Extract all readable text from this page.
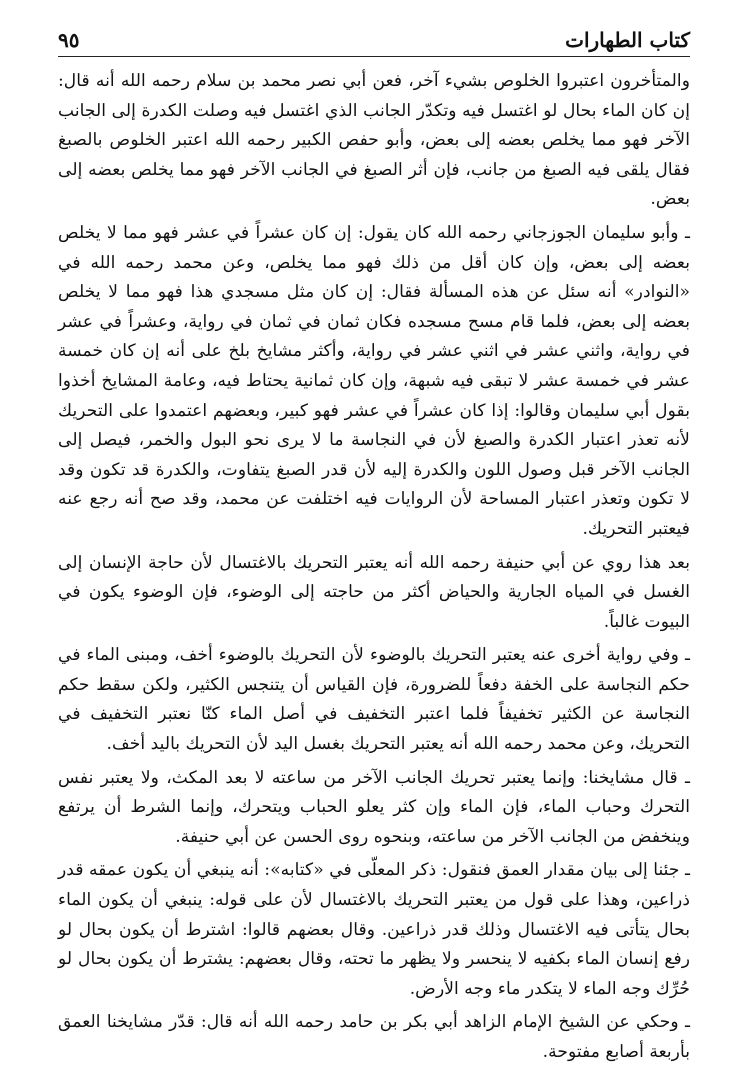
كتاب الطهارات
٩٥

والمتأخرون اعتبروا الخلوص بشيء آخر، فعن أبي نصر محمد بن سلام رحمه الله أنه قال: إن كان الماء بحال لو اغتسل فيه وتكدّر الجانب الذي اغتسل فيه وصلت الكدرة إلى الجانب الآخر فهو مما يخلص بعضه إلى بعض، وأبو حفص الكبير رحمه الله اعتبر الخلوص بالصبغ فقال يلقى فيه الصبغ من جانب، فإن أثر الصبغ في الجانب الآخر فهو مما يخلص بعضه إلى بعض.

ـ وأبو سليمان الجوزجاني رحمه الله كان يقول: إن كان عشراً في عشر فهو مما لا يخلص بعضه إلى بعض، وإن كان أقل من ذلك فهو مما يخلص، وعن محمد رحمه الله في «النوادر» أنه سئل عن هذه المسألة فقال: إن كان مثل مسجدي هذا فهو مما لا يخلص بعضه إلى بعض، فلما قام مسح مسجده فكان ثمان في ثمان في رواية، وعشراً في عشر في رواية، واثني عشر في اثني عشر في رواية، وأكثر مشايخ بلخ على أنه إن كان خمسة عشر في خمسة عشر لا تبقى فيه شبهة، وإن كان ثمانية يحتاط فيه، وعامة المشايخ أخذوا بقول أبي سليمان وقالوا: إذا كان عشراً في عشر فهو كبير، وبعضهم اعتمدوا على التحريك لأنه تعذر اعتبار الكدرة والصبغ لأن في النجاسة ما لا يرى نحو البول والخمر، فيصل إلى الجانب الآخر قبل وصول اللون والكدرة إليه لأن قدر الصبغ يتفاوت، والكدرة قد تكون وقد لا تكون وتعذر اعتبار المساحة لأن الروايات فيه اختلفت عن محمد، وقد صح أنه رجع عنه فيعتبر التحريك.

بعد هذا روي عن أبي حنيفة رحمه الله أنه يعتبر التحريك بالاغتسال لأن حاجة الإنسان إلى الغسل في المياه الجارية والحياض أكثر من حاجته إلى الوضوء، فإن الوضوء يكون في البيوت غالباً.

ـ وفي رواية أخرى عنه يعتبر التحريك بالوضوء لأن التحريك بالوضوء أخف، ومبنى الماء في حكم النجاسة على الخفة دفعاً للضرورة، فإن القياس أن يتنجس الكثير، ولكن سقط حكم النجاسة عن الكثير تخفيفاً فلما اعتبر التخفيف في أصل الماء كنّا نعتبر التخفيف في التحريك، وعن محمد رحمه الله أنه يعتبر التحريك بغسل اليد لأن التحريك باليد أخف.

ـ قال مشايخنا: وإنما يعتبر تحريك الجانب الآخر من ساعته لا بعد المكث، ولا يعتبر نفس التحرك وحباب الماء، فإن الماء وإن كثر يعلو الحباب ويتحرك، وإنما الشرط أن يرتفع وينخفض من الجانب الآخر من ساعته، وبنحوه روى الحسن عن أبي حنيفة.

ـ جئنا إلى بيان مقدار العمق فنقول: ذكر المعلّى في «كتابه»: أنه ينبغي أن يكون عمقه قدر ذراعين، وهذا على قول من يعتبر التحريك بالاغتسال لأن على قوله: ينبغي أن يكون الماء بحال يتأتى فيه الاغتسال وذلك قدر ذراعين. وقال بعضهم قالوا: اشترط أن يكون بحال لو رفع إنسان الماء بكفيه لا ينحسر ولا يظهر ما تحته، وقال بعضهم: يشترط أن يكون بحال لو حُرِّك وجه الماء لا يتكدر ماء وجه الأرض.

ـ وحكي عن الشيخ الإمام الزاهد أبي بكر بن حامد رحمه الله أنه قال: قدّر مشايخنا العمق بأربعة أصابع مفتوحة.
